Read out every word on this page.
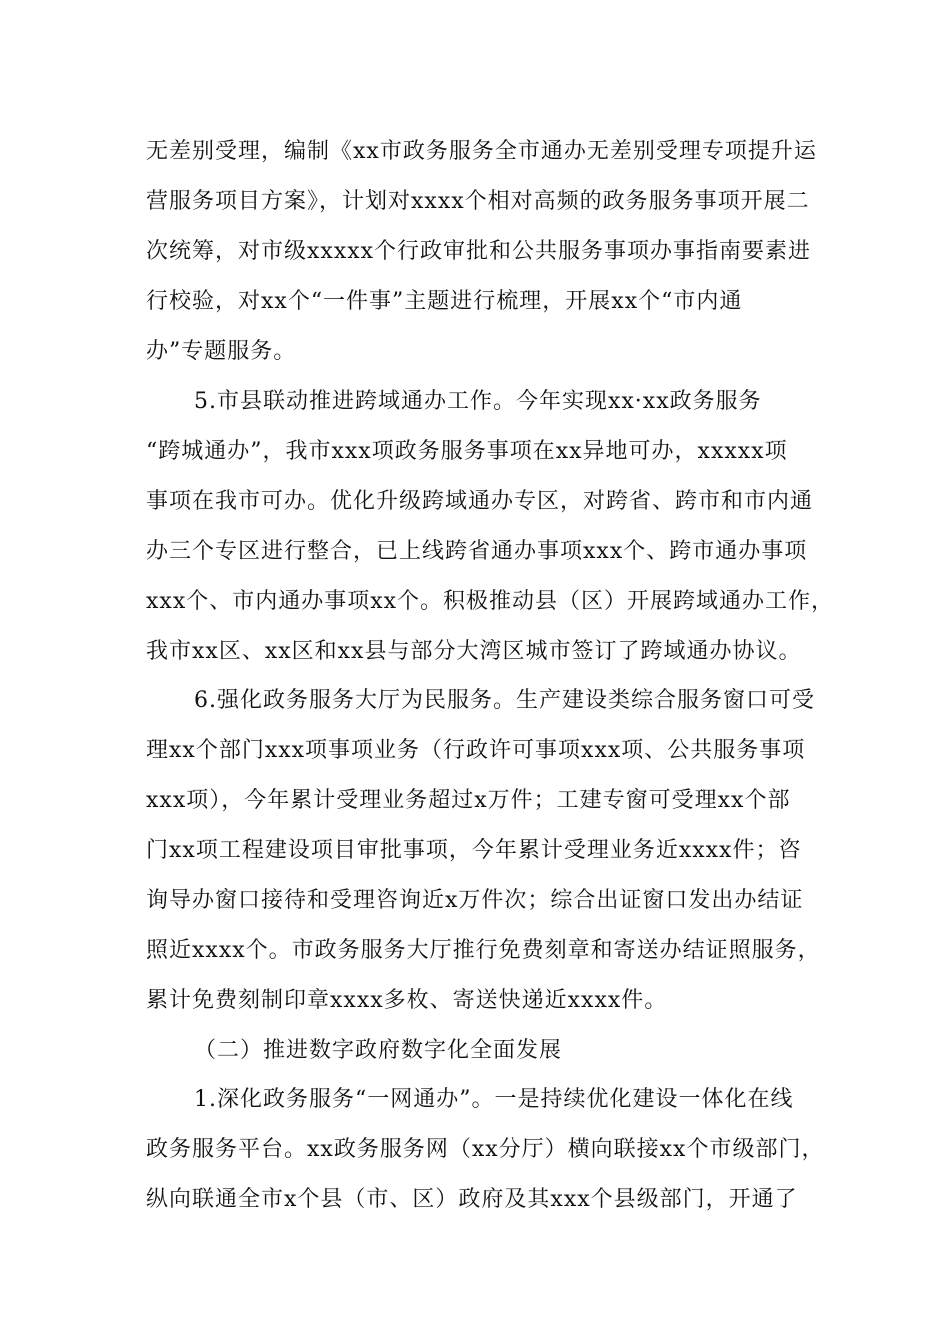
无差别受理，编制《xx市政务服务全市通办无差别受理专项提升运
营服务项目方案》，计划对xxxx个相对高频的政务服务事项开展二
次统筹，对市级xxxxx个行政审批和公共服务事项办事指南要素进
行校验，对xx个“一件事”主题进行梳理，开展xx个“市内通
办”专题服务。
5.市县联动推进跨域通办工作。今年实现xx·xx政务服务
“跨城通办”，我市xxx项政务服务事项在xx异地可办，xxxxx项
事项在我市可办。优化升级跨域通办专区，对跨省、跨市和市内通
办三个专区进行整合，已上线跨省通办事项xxx个、跨市通办事项
xxx个、市内通办事项xx个。积极推动县（区）开展跨域通办工作，
我市xx区、xx区和xx县与部分大湾区城市签订了跨域通办协议。
6.强化政务服务大厅为民服务。生产建设类综合服务窗口可受
理xx个部门xxx项事项业务（行政许可事项xxx项、公共服务事项
xxx项），今年累计受理业务超过x万件；工建专窗可受理xx个部
门xx项工程建设项目审批事项，今年累计受理业务近xxxx件；咨
询导办窗口接待和受理咨询近x万件次；综合出证窗口发出办结证
照近xxxx个。市政务服务大厅推行免费刻章和寄送办结证照服务，
累计免费刻制印章xxxx多枚、寄送快递近xxxx件。
（二）推进数字政府数字化全面发展
1.深化政务服务“一网通办”。一是持续优化建设一体化在线
政务服务平台。xx政务服务网（xx分厅）横向联接xx个市级部门，
纵向联通全市x个县（市、区）政府及其xxx个县级部门，开通了
